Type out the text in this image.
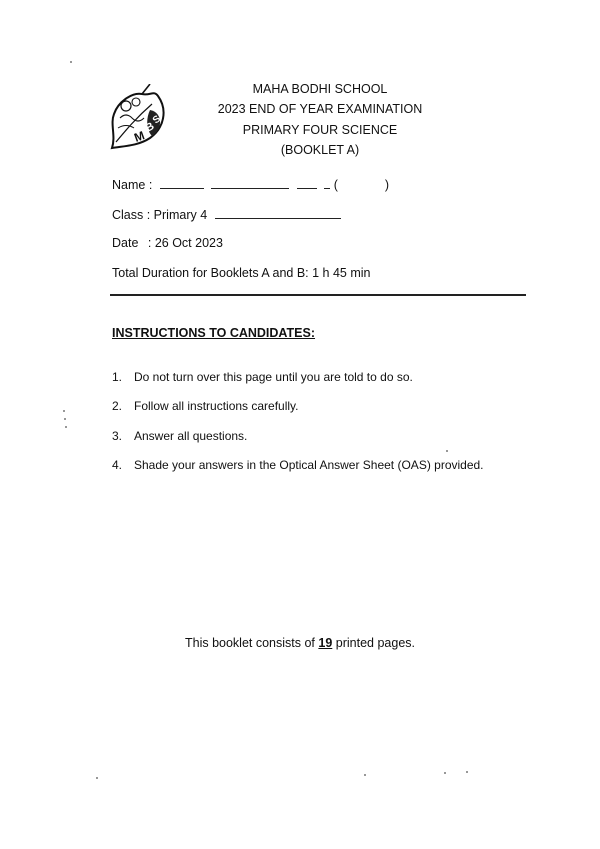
M
B
S
MAHA BODHI SCHOOL
2023 END OF YEAR EXAMINATION
PRIMARY FOUR SCIENCE
(BOOKLET A)
Name :	(	)
Class : Primary 4
Date : 26 Oct 2023
Total Duration for Booklets A and B: 1 h 45 min
INSTRUCTIONS TO CANDIDATES:
1. Do not turn over this page until you are told to do so.
2. Follow all instructions carefully.
3. Answer all questions.
4. Shade your answers in the Optical Answer Sheet (OAS) provided.
This booklet consists of 19 printed pages.
